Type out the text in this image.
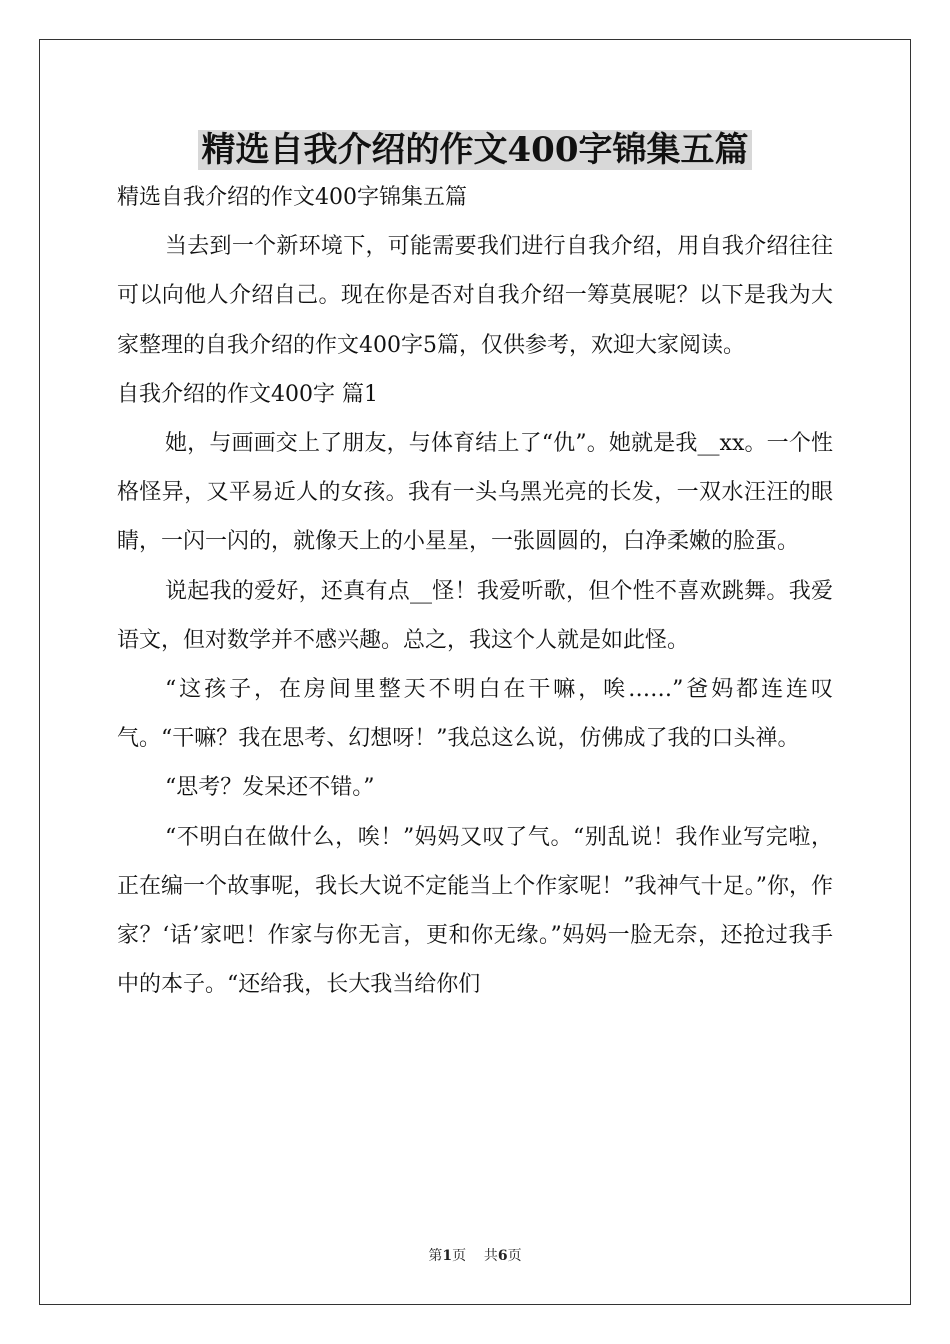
精选自我介绍的作文400字锦集五篇

精选自我介绍的作文400字锦集五篇

当去到一个新环境下，可能需要我们进行自我介绍，用自我介绍往往可以向他人介绍自己。现在你是否对自我介绍一筹莫展呢？以下是我为大家整理的自我介绍的作文400字5篇，仅供参考，欢迎大家阅读。

自我介绍的作文400字 篇1

她，与画画交上了朋友，与体育结上了“仇”。她就是我__xx。一个性格怪异，又平易近人的女孩。我有一头乌黑光亮的长发，一双水汪汪的眼睛，一闪一闪的，就像天上的小星星，一张圆圆的，白净柔嫩的脸蛋。

说起我的爱好，还真有点__怪！我爱听歌，但个性不喜欢跳舞。我爱语文，但对数学并不感兴趣。总之，我这个人就是如此怪。

“这孩子，在房间里整天不明白在干嘛，唉……”爸妈都连连叹气。“干嘛？我在思考、幻想呀！”我总这么说，仿佛成了我的口头禅。

“思考？发呆还不错。”

“不明白在做什么，唉！”妈妈又叹了气。“别乱说！我作业写完啦，正在编一个故事呢，我长大说不定能当上个作家呢！”我神气十足。”你，作家？‘话’家吧！作家与你无言，更和你无缘。”妈妈一脸无奈，还抢过我手中的本子。“还给我，长大我当给你们

第1页 共6页
